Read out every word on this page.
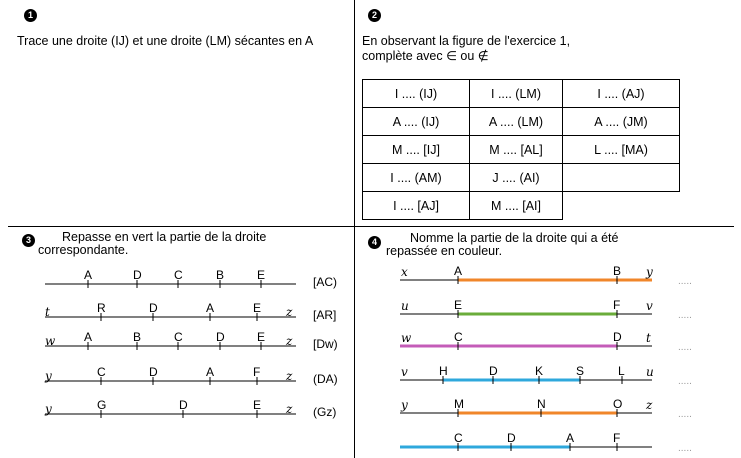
1
Trace une droite (IJ) et une droite (LM) sécantes en A
2
En observant la figure de l'exercice 1,
complète avec ∈ ou ∉
I .... (IJ)	I .... (LM)	I .... (AJ)
A .... (IJ)	A .... (LM)	A .... (JM)
M .... [IJ]	M .... [AL]	L .... [MA)
I .... (AM)	J .... (AI)	
I .... [AJ]	M .... [AI]	
3	Repasse en vert la partie de la droite
correspondante.
A	D	C	B	E	[AC)
t	z
R	D	A	E	[AR]
w	z
A	B	C	D	E	[Dw)
y	z
C	D	A	F	(DA)
y	z
G	D	E	(Gz)
4	Nomme la partie de la droite qui a été
repassée en couleur.
x	y
A	B
.....
u	v
E	F
.....
w	t
C	D
.....
v	u
H	D	K	S	L
.....
y	z
M	N	O
.....
C	D	A	F
.....
